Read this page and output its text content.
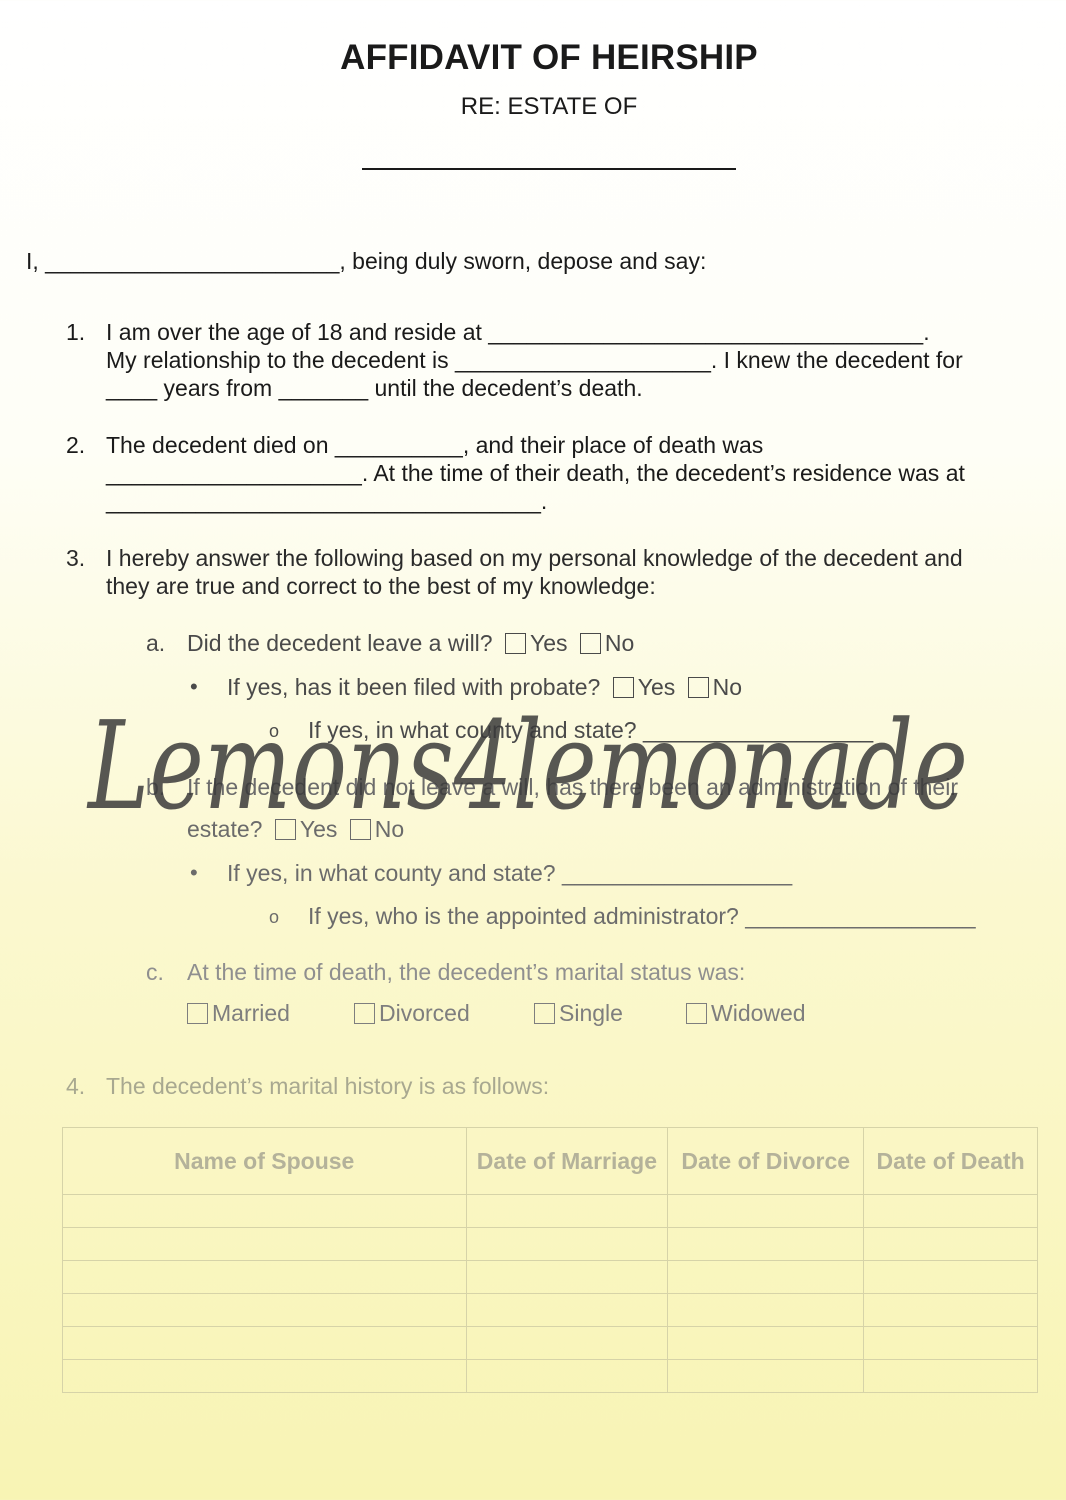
AFFIDAVIT OF HEIRSHIP
RE: ESTATE OF
I, _______________________, being duly sworn, depose and say:
1. I am over the age of 18 and reside at __________________________________.
My relationship to the decedent is ____________________. I knew the decedent for
____ years from _______ until the decedent’s death.
2. The decedent died on __________, and their place of death was
____________________. At the time of their death, the decedent’s residence was at
__________________________________.
3. I hereby answer the following based on my personal knowledge of the decedent and
they are true and correct to the best of my knowledge:
a. Did the decedent leave a will? Yes No
• If yes, has it been filed with probate? Yes No
o If yes, in what county and state? __________________
b. If the decedent did not leave a will, has there been an administration of their
estate? Yes No
• If yes, in what county and state? __________________
o If yes, who is the appointed administrator? __________________
c. At the time of death, the decedent’s marital status was:
Married	Divorced	Single	Widowed
4. The decedent’s marital history is as follows:
Name of Spouse	Date of Marriage	Date of Divorce	Date of Death

Lemons4lemonade
